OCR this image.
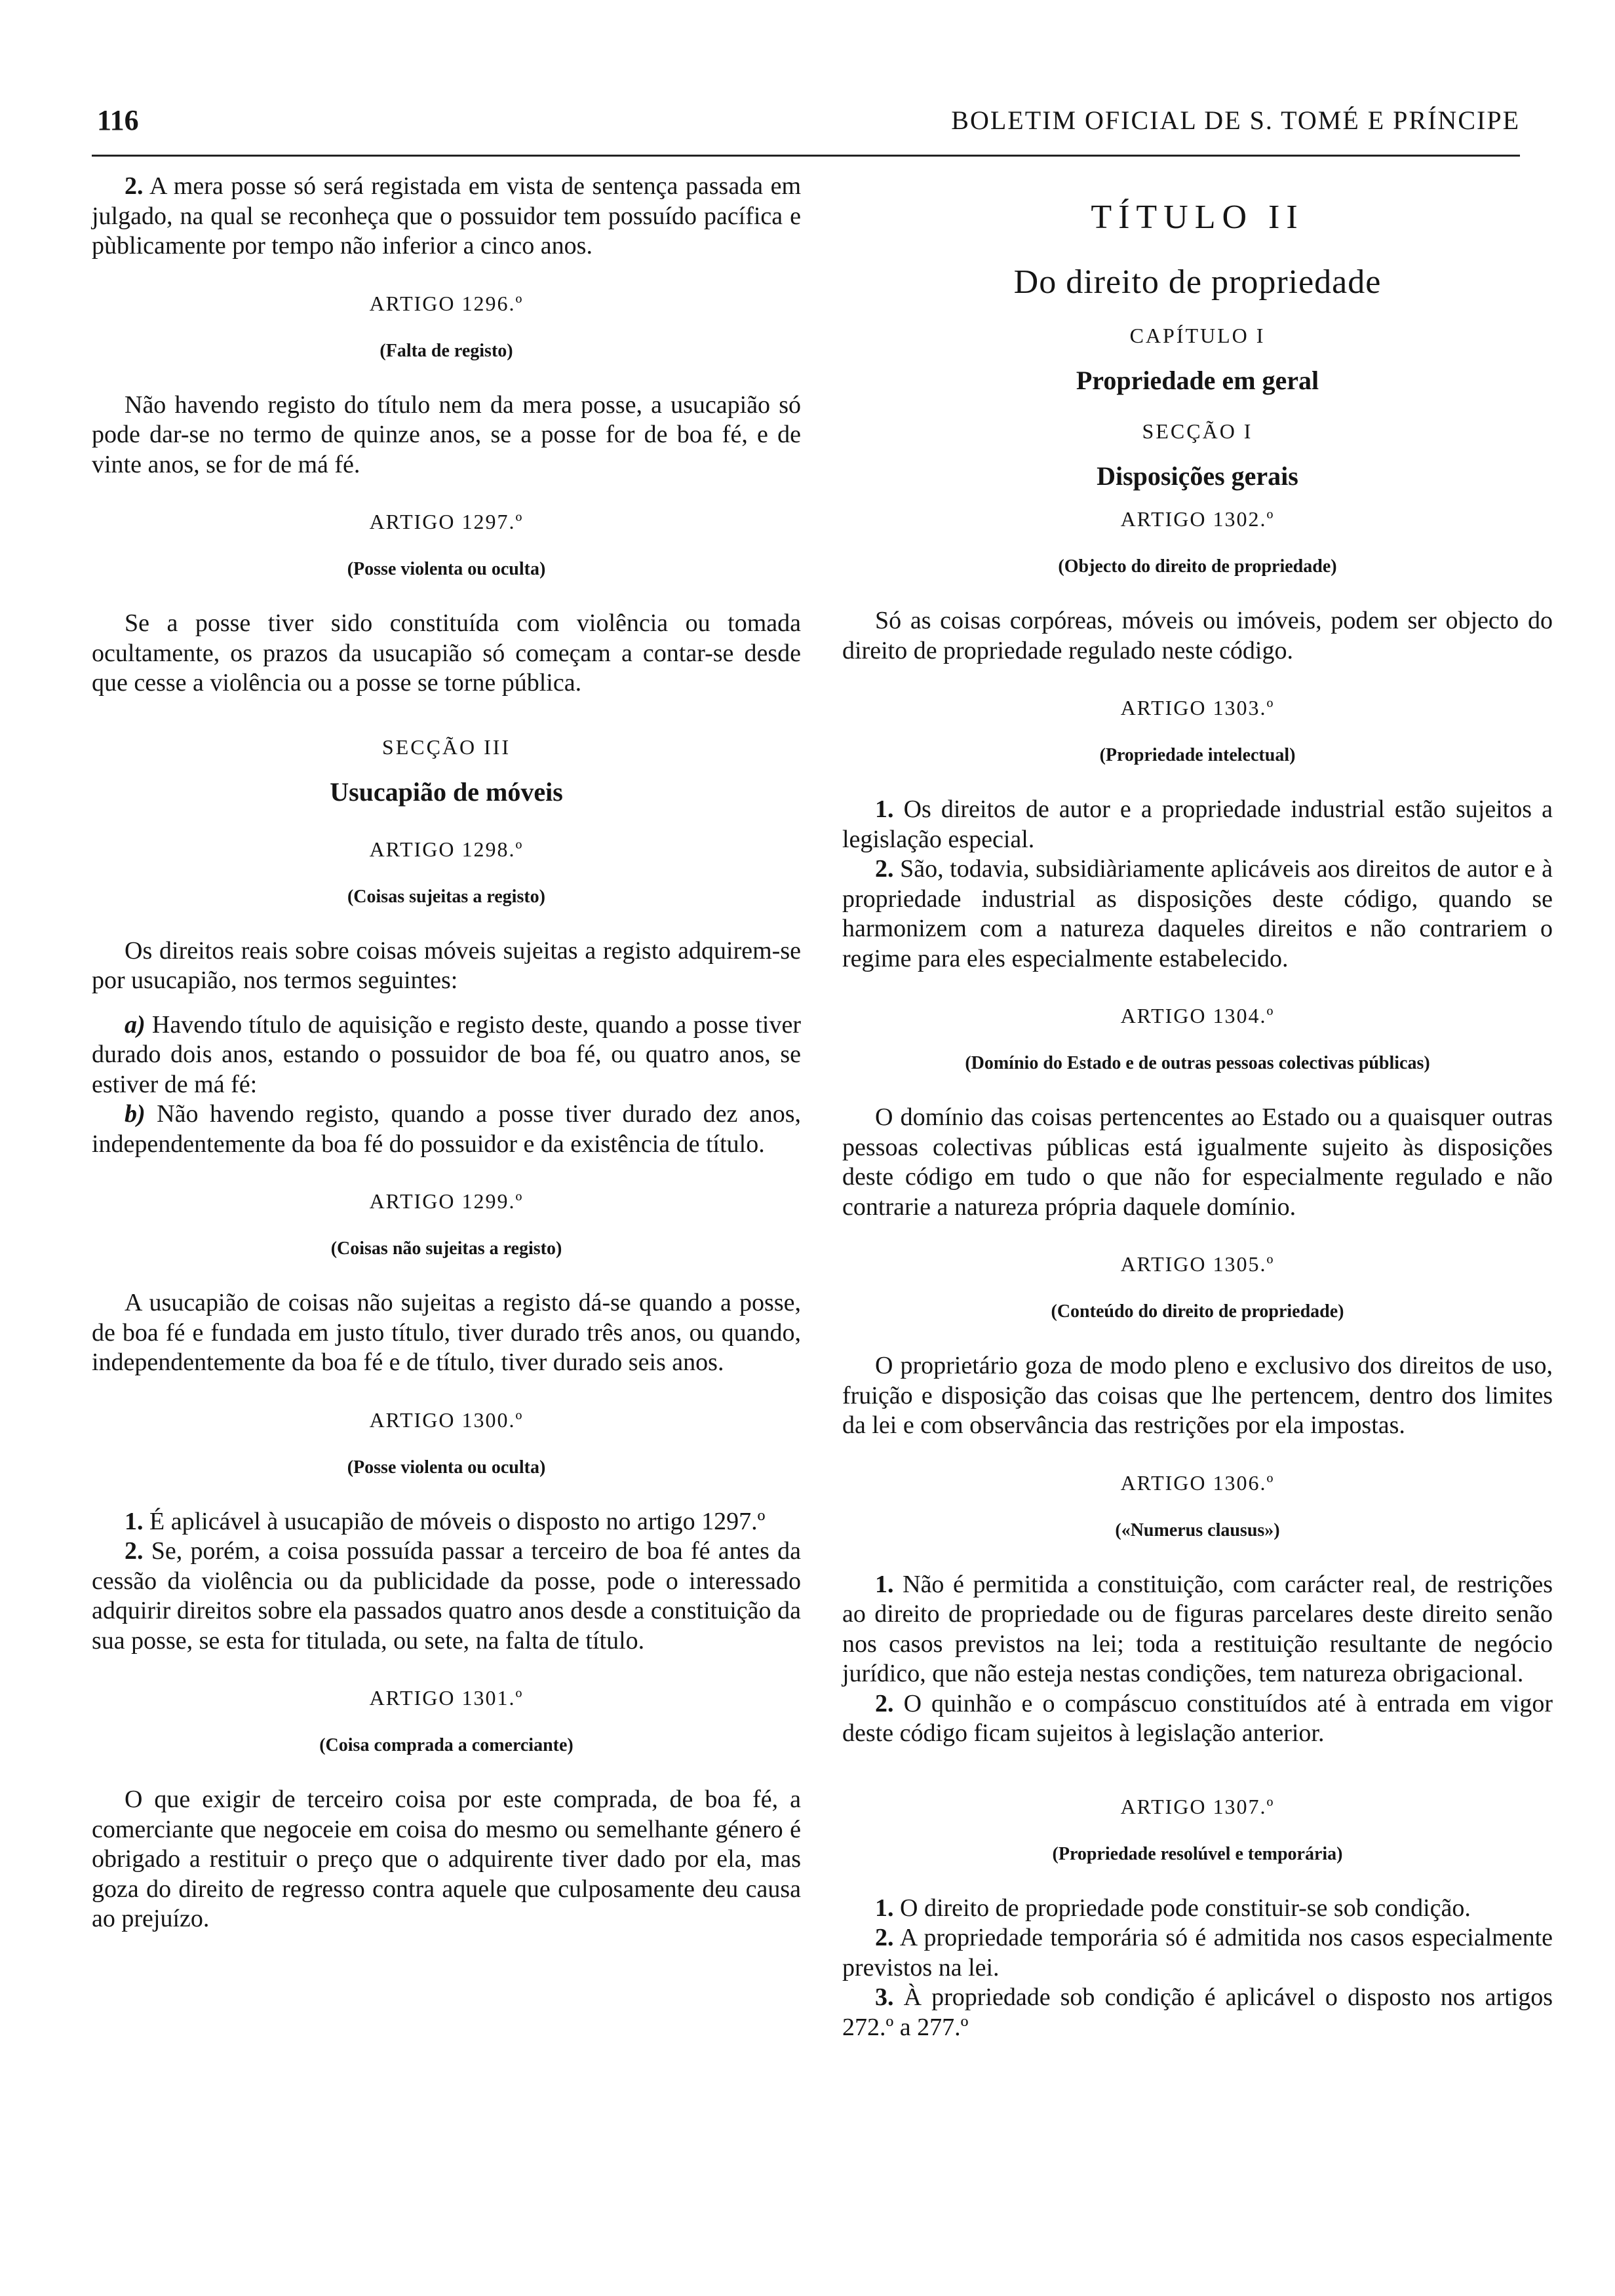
116	BOLETIM OFICIAL DE S. TOMÉ E PRÍNCIPE

2. A mera posse só será registada em vista de sentença passada em julgado, na qual se reconheça que o possuidor tem possuído pacífica e pùblicamente por tempo não inferior a cinco anos.

ARTIGO 1296.º
(Falta de registo)

Não havendo registo do título nem da mera posse, a usucapião só pode dar-se no termo de quinze anos, se a posse for de boa fé, e de vinte anos, se for de má fé.

ARTIGO 1297.º
(Posse violenta ou oculta)

Se a posse tiver sido constituída com violência ou tomada ocultamente, os prazos da usucapião só começam a contar-se desde que cesse a violência ou a posse se torne pública.

SECÇÃO III
Usucapião de móveis
ARTIGO 1298.º
(Coisas sujeitas a registo)

Os direitos reais sobre coisas móveis sujeitas a registo adquirem-se por usucapião, nos termos seguintes:

a) Havendo título de aquisição e registo deste, quando a posse tiver durado dois anos, estando o possuidor de boa fé, ou quatro anos, se estiver de má fé:

b) Não havendo registo, quando a posse tiver durado dez anos, independentemente da boa fé do possuidor e da existência de título.

ARTIGO 1299.º
(Coisas não sujeitas a registo)

A usucapião de coisas não sujeitas a registo dá-se quando a posse, de boa fé e fundada em justo título, tiver durado três anos, ou quando, independentemente da boa fé e de título, tiver durado seis anos.

ARTIGO 1300.º
(Posse violenta ou oculta)

1. É aplicável à usucapião de móveis o disposto no artigo 1297.º

2. Se, porém, a coisa possuída passar a terceiro de boa fé antes da cessão da violência ou da publicidade da posse, pode o interessado adquirir direitos sobre ela passados quatro anos desde a constituição da sua posse, se esta for titulada, ou sete, na falta de título.

ARTIGO 1301.º
(Coisa comprada a comerciante)

O que exigir de terceiro coisa por este comprada, de boa fé, a comerciante que negoceie em coisa do mesmo ou semelhante género é obrigado a restituir o preço que o adquirente tiver dado por ela, mas goza do direito de regresso contra aquele que culposamente deu causa ao prejuízo.

TÍTULO II
Do direito de propriedade
CAPÍTULO I
Propriedade em geral
SECÇÃO I
Disposições gerais
ARTIGO 1302.º
(Objecto do direito de propriedade)

Só as coisas corpóreas, móveis ou imóveis, podem ser objecto do direito de propriedade regulado neste código.

ARTIGO 1303.º
(Propriedade intelectual)

1. Os direitos de autor e a propriedade industrial estão sujeitos a legislação especial.

2. São, todavia, subsidiàriamente aplicáveis aos direitos de autor e à propriedade industrial as disposições deste código, quando se harmonizem com a natureza daqueles direitos e não contrariem o regime para eles especialmente estabelecido.

ARTIGO 1304.º
(Domínio do Estado e de outras pessoas colectivas públicas)

O domínio das coisas pertencentes ao Estado ou a quaisquer outras pessoas colectivas públicas está igualmente sujeito às disposições deste código em tudo o que não for especialmente regulado e não contrarie a natureza própria daquele domínio.

ARTIGO 1305.º
(Conteúdo do direito de propriedade)

O proprietário goza de modo pleno e exclusivo dos direitos de uso, fruição e disposição das coisas que lhe pertencem, dentro dos limites da lei e com observância das restrições por ela impostas.

ARTIGO 1306.º
(«Numerus clausus»)

1. Não é permitida a constituição, com carácter real, de restrições ao direito de propriedade ou de figuras parcelares deste direito senão nos casos previstos na lei; toda a restituição resultante de negócio jurídico, que não esteja nestas condições, tem natureza obrigacional.

2. O quinhão e o compáscuo constituídos até à entrada em vigor deste código ficam sujeitos à legislação anterior.

ARTIGO 1307.º
(Propriedade resolúvel e temporária)

1. O direito de propriedade pode constituir-se sob condição.

2. A propriedade temporária só é admitida nos casos especialmente previstos na lei.

3. À propriedade sob condição é aplicável o disposto nos artigos 272.º a 277.º
